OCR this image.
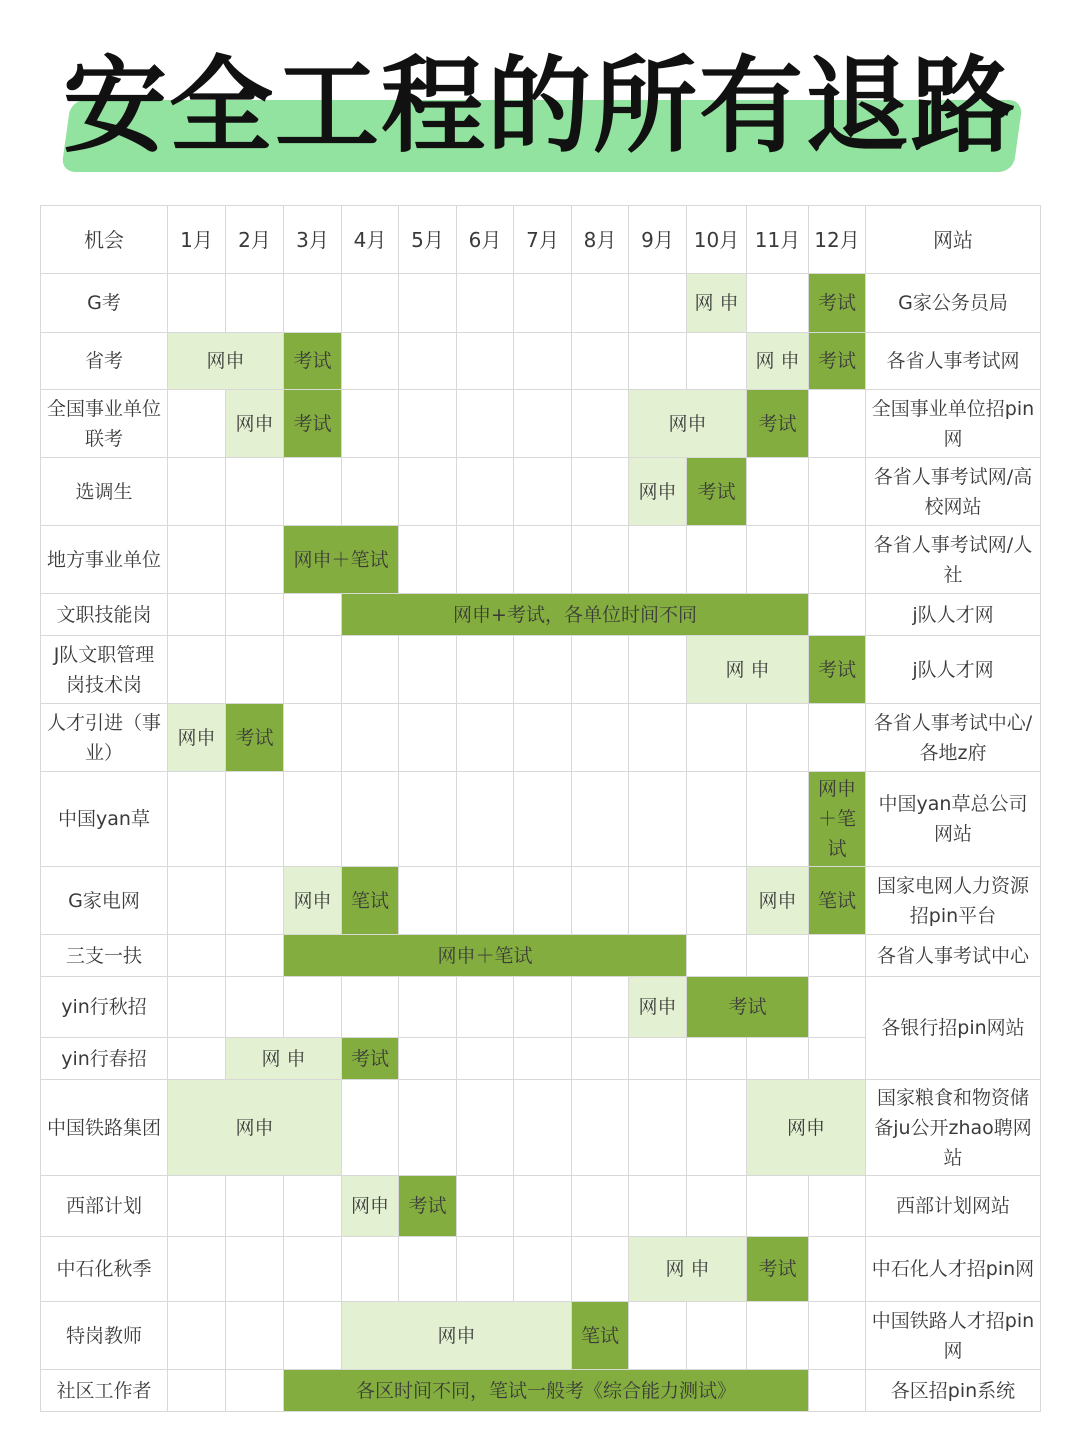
安全工程的所有退路
机会	1月	2月	3月	4月	5月	6月	7月	8月	9月	10月	11月	12月	网站
G考										网 申		考试	G家公务员局
省考	网申		考试								网 申	考试	各省人事考试网
全国事业单位联考		网申	考试						网申		考试		全国事业单位招pin网
选调生									网申	考试			各省人事考试网/高校网站
地方事业单位			网申＋笔试										各省人事考试网/人社
文职技能岗				网申+考试，各单位时间不同									j队人才网
J队文职管理岗技术岗										网 申		考试	j队人才网
人才引进（事业）	网申	考试											各省人事考试中心/各地z府
中国yan草												网申＋笔试	中国yan草总公司网站
G家电网			网申	笔试							网申	笔试	国家电网人力资源招pin平台
三支一扶			网申＋笔试										各省人事考试中心
yin行秋招									网申	考试			各银行招pin网站
yin行春招		网 申		考试									
中国铁路集团	网申										网申		国家粮食和物资储备ju公开zhao聘网站
西部计划				网申	考试								西部计划网站
中石化秋季									网 申		考试		中石化人才招pin网
特岗教师				网申				笔试					中国铁路人才招pin网
社区工作者			各区时间不同，笔试一般考《综合能力测试》										各区招pin系统
